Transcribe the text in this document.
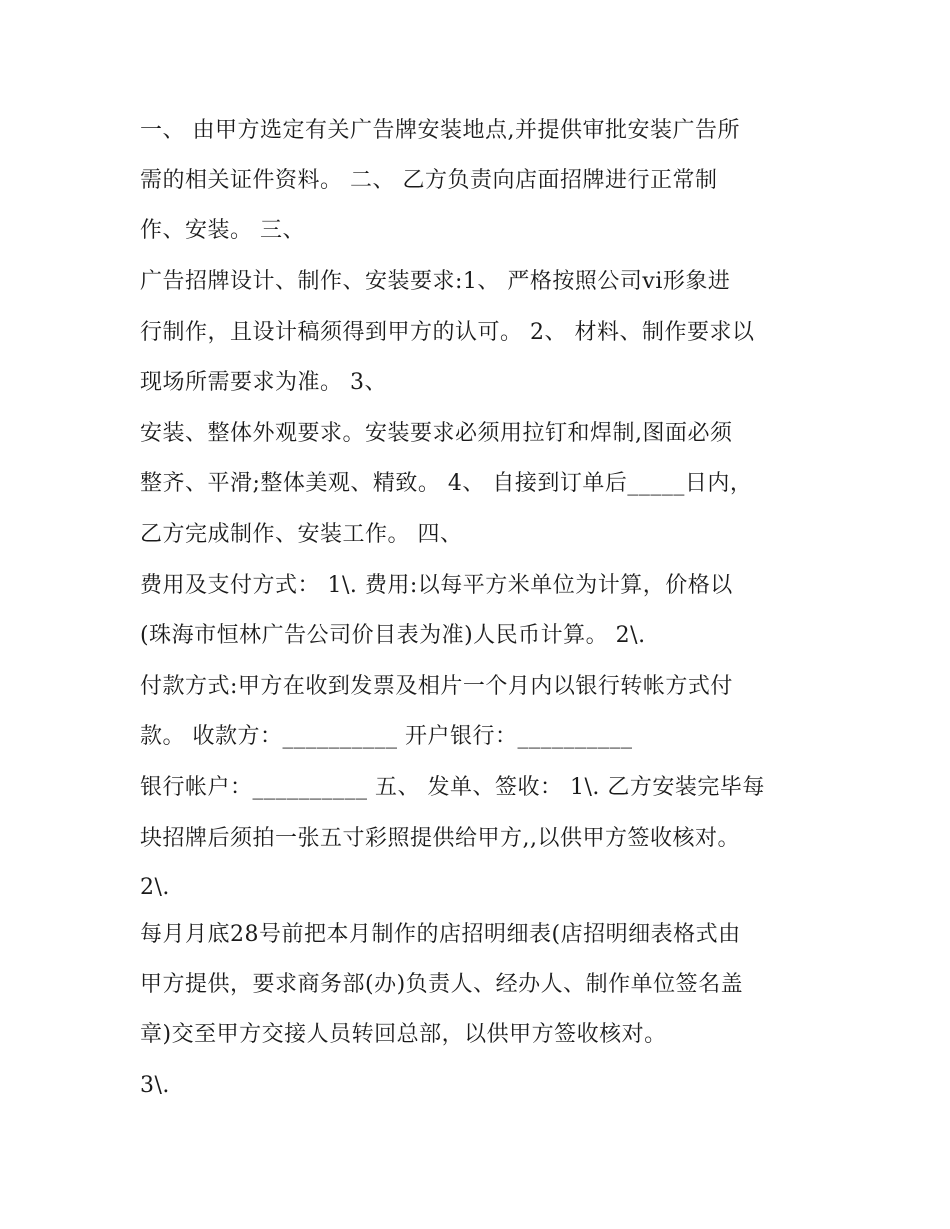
一、 由甲方选定有关广告牌安装地点,并提供审批安装广告所

需的相关证件资料。 二、 乙方负责向店面招牌进行正常制

作、安装。 三、

广告招牌设计、制作、安装要求:1、 严格按照公司vi形象进

行制作，且设计稿须得到甲方的认可。 2、 材料、制作要求以

现场所需要求为准。 3、

安装、整体外观要求。安装要求必须用拉钉和焊制,图面必须

整齐、平滑;整体美观、精致。 4、 自接到订单后_____日内，

乙方完成制作、安装工作。 四、

费用及支付方式： 1\. 费用:以每平方米单位为计算，价格以

(珠海市恒林广告公司价目表为准)人民币计算。 2\.

付款方式:甲方在收到发票及相片一个月内以银行转帐方式付

款。 收款方：__________ 开户银行：__________

银行帐户：__________ 五、 发单、签收： 1\. 乙方安装完毕每

块招牌后须拍一张五寸彩照提供给甲方,,以供甲方签收核对。

2\.

每月月底28号前把本月制作的店招明细表(店招明细表格式由

甲方提供，要求商务部(办)负责人、经办人、制作单位签名盖

章)交至甲方交接人员转回总部，以供甲方签收核对。

3\.
